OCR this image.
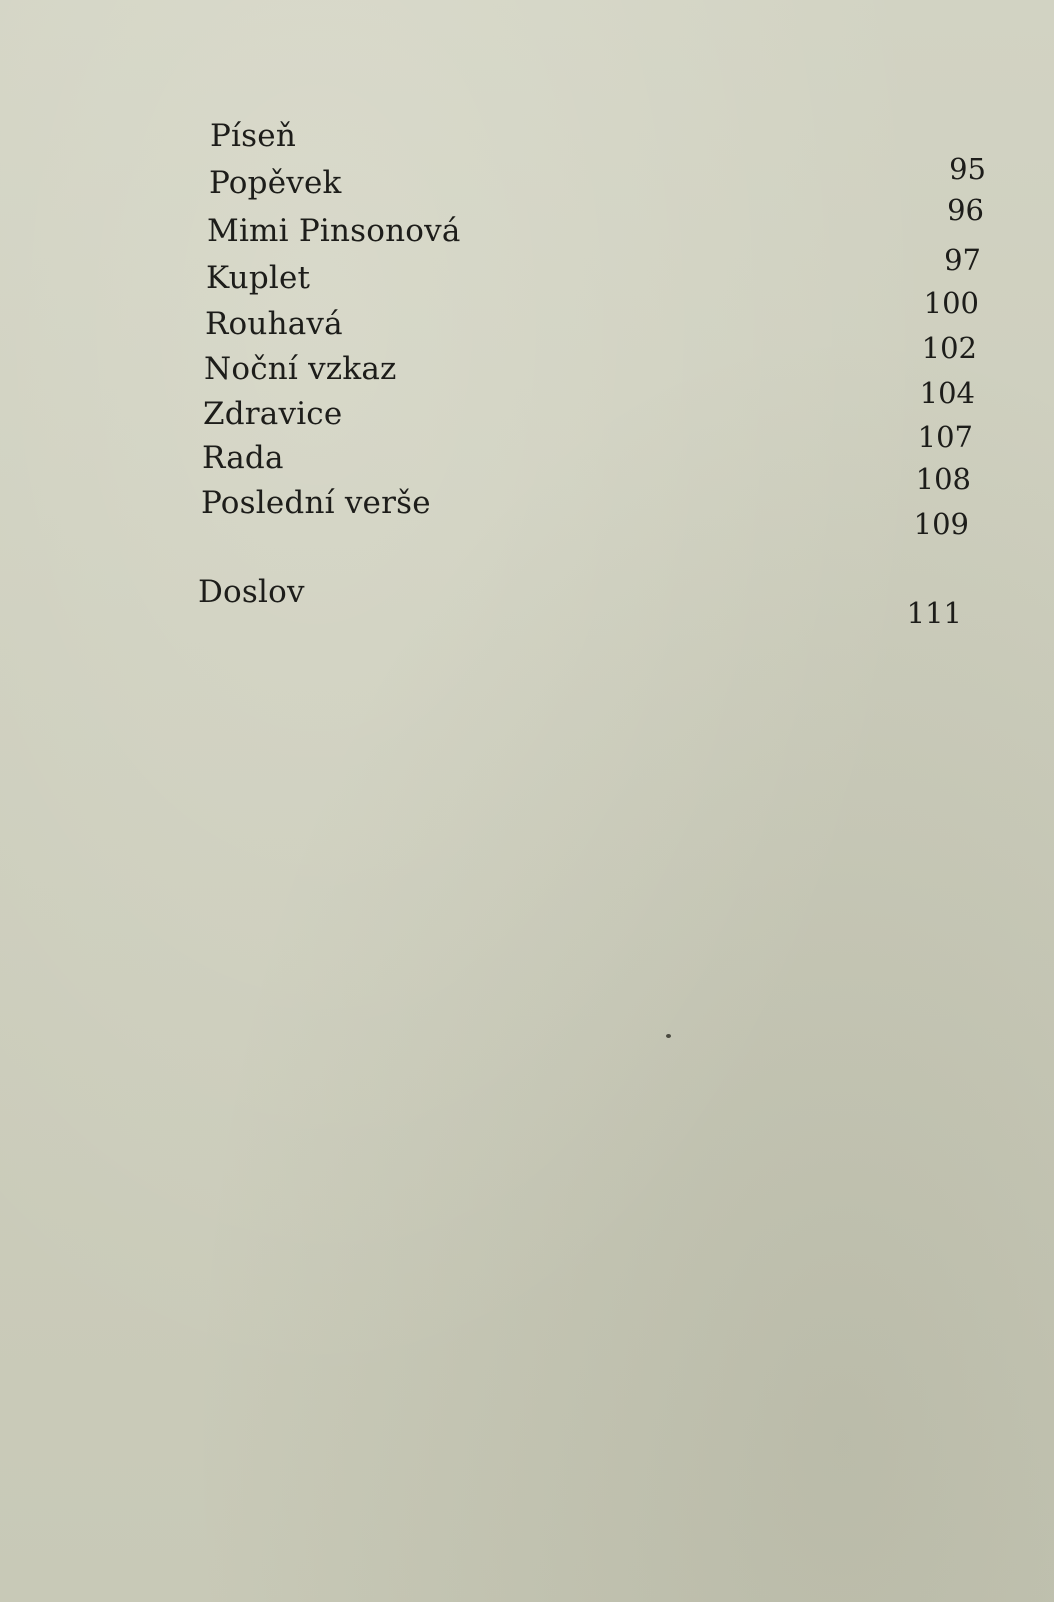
Píseň
95
Popěvek
96
Mimi Pinsonová
97
Kuplet
100
Rouhavá
102
Noční vzkaz
104
Zdravice
107
Rada
108
Poslední verše
109
Doslov
111
